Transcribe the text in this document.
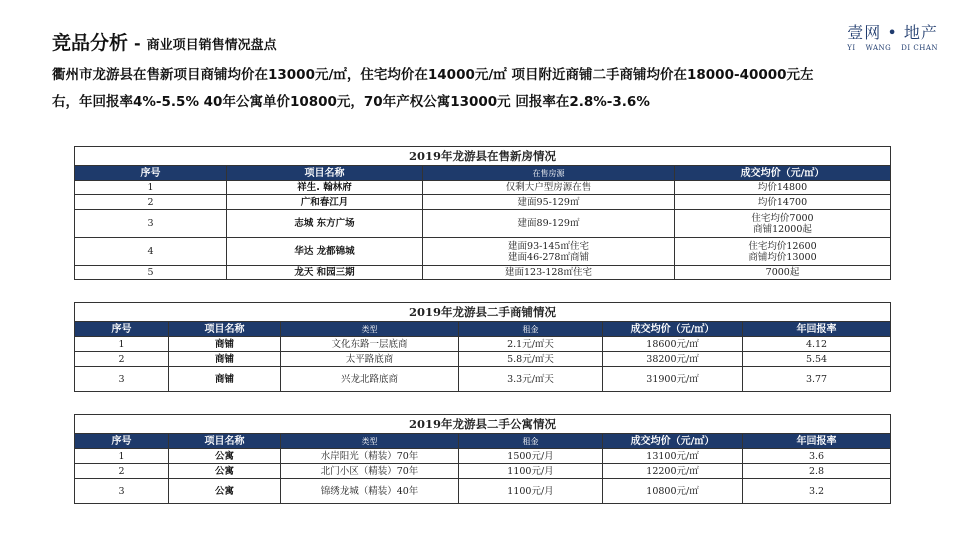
竞品分析 - 商业项目销售情况盘点
壹网 • 地产
YI WANG DI CHAN
衢州市龙游县在售新项目商铺均价在13000元/㎡，住宅均价在14000元/㎡ 项目附近商铺二手商铺均价在18000-40000元左
右，年回报率4%-5.5% 40年公寓单价10800元，70年产权公寓13000元 回报率在2.8%-3.6%
2019年龙游县在售新房情况			
序号	项目名称	在售房源	成交均价（元/㎡）
1	祥生. 翰林府	仅剩大户型房源在售	均价14800

2	广和春江月	建面95-129㎡	均价14700

3	志城 东方广场	建面89-129㎡	住宅均价7000
商铺12000起

4	华达 龙都锦城	建面93-145㎡住宅
建面46-278㎡商铺	住宅均价12600
商铺均价13000

5	龙天 和园三期	建面123-128㎡住宅	7000起
2019年龙游县二手商铺情况					
序号	项目名称	类型	租金	成交均价（元/㎡）	年回报率
1	商铺	文化东路一层底商	2.1元/㎡天	18600元/㎡	4.12
2	商铺	太平路底商	5.8元/㎡天	38200元/㎡	5.54
3	商铺	兴龙北路底商	3.3元/㎡天	31900元/㎡	3.77
2019年龙游县二手公寓情况					
序号	项目名称	类型	租金	成交均价（元/㎡）	年回报率
1	公寓	水岸阳光（精装）70年	1500元/月	13100元/㎡	3.6
2	公寓	北门小区（精装）70年	1100元/月	12200元/㎡	2.8
3	公寓	锦绣龙城（精装）40年	1100元/月	10800元/㎡	3.2
